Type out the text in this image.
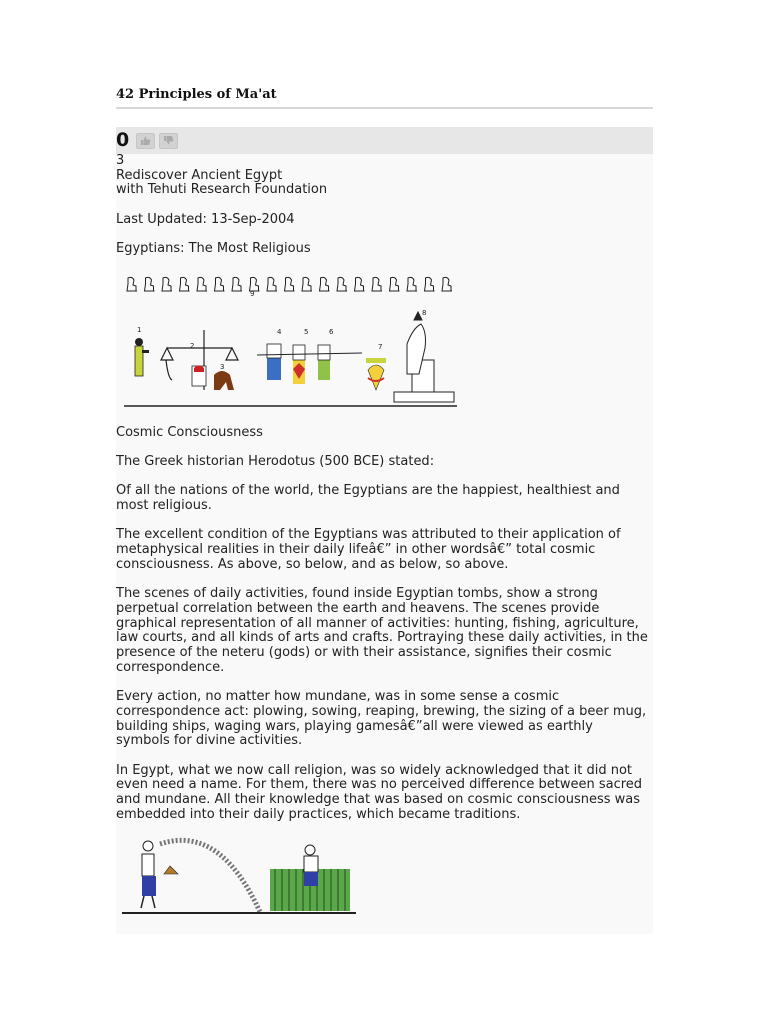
42 Principles of Ma'at
0

3

Rediscover Ancient Egypt

with Tehuti Research Foundation

Last Updated: 13-Sep-2004

Egyptians: The Most Religious

9
1
2
3
4	5	6
7
8

Cosmic Consciousness

The Greek historian Herodotus (500 BCE) stated:

Of all the nations of the world, the Egyptians are the happiest, healthiest and most religious.

The excellent condition of the Egyptians was attributed to their application of metaphysical realities in their daily lifeâ€” in other wordsâ€” total cosmic consciousness. As above, so below, and as below, so above.

The scenes of daily activities, found inside Egyptian tombs, show a strong perpetual correlation between the earth and heavens. The scenes provide graphical representation of all manner of activities: hunting, fishing, agriculture, law courts, and all kinds of arts and crafts. Portraying these daily activities, in the presence of the neteru (gods) or with their assistance, signifies their cosmic correspondence.

Every action, no matter how mundane, was in some sense a cosmic correspondence act: plowing, sowing, reaping, brewing, the sizing of a beer mug, building ships, waging wars, playing gamesâ€”all were viewed as earthly symbols for divine activities.

In Egypt, what we now call religion, was so widely acknowledged that it did not even need a name. For them, there was no perceived difference between sacred and mundane. All their knowledge that was based on cosmic consciousness was embedded into their daily practices, which became traditions.
